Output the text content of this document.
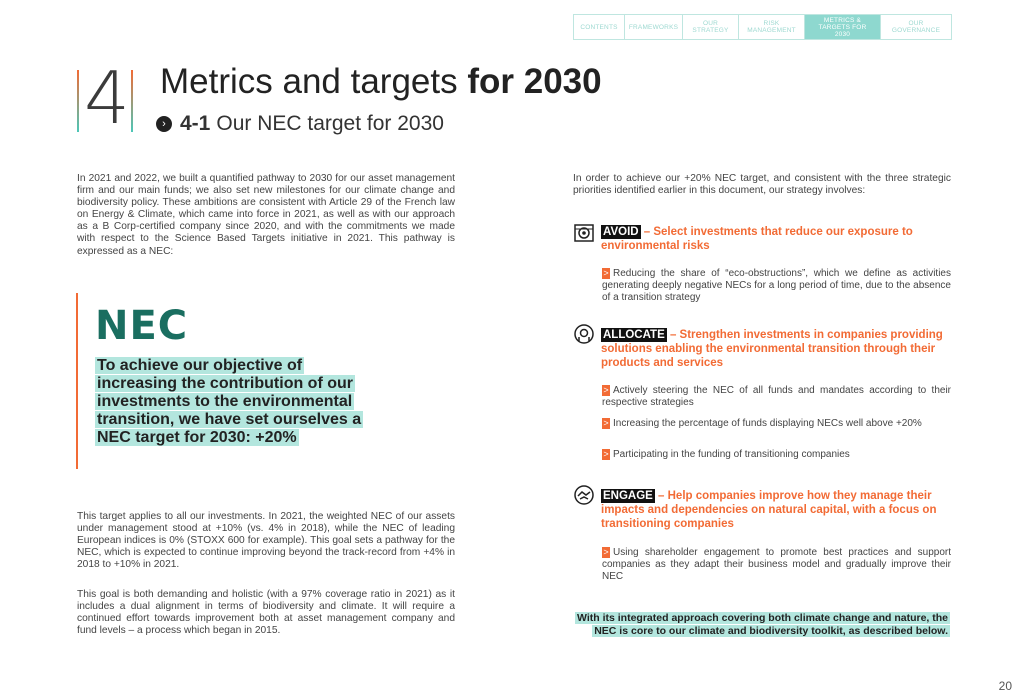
CONTENTS	FRAMEWORKS	OUR STRATEGY
RISK MANAGEMENT
METRICS & TARGETS FOR 2030
OUR GOVERNANCE
4 Metrics and targets for 2030
› 4-1 Our NEC target for 2030
In 2021 and 2022, we built a quantified pathway to 2030 for our asset management firm and our main funds; we also set new milestones for our climate change and biodiversity policy. These ambitions are consistent with Article 29 of the French law on Energy & Climate, which came into force in 2021, as well as with our approach as a B Corp-certified company since 2020, and with the commitments we made with respect to the Science Based Targets initiative in 2021. This pathway is expressed as a NEC:
NEC
To achieve our objective of increasing the contribution of our investments to the environmental transition, we have set ourselves a NEC target for 2030: +20%
This target applies to all our investments. In 2021, the weighted NEC of our assets under management stood at +10% (vs. 4% in 2018), while the NEC of leading European indices is 0% (STOXX 600 for example). This goal sets a pathway for the NEC, which is expected to continue improving beyond the track-record from +4% in 2018 to +10% in 2021.
This goal is both demanding and holistic (with a 97% coverage ratio in 2021) as it includes a dual alignment in terms of biodiversity and climate. It will require a continued effort towards improvement both at asset management company and fund levels – a process which began in 2015.
In order to achieve our +20% NEC target, and consistent with the three strategic priorities identified earlier in this document, our strategy involves:
AVOID – Select investments that reduce our exposure to environmental risks
> Reducing the share of “eco-obstructions”, which we define as activities generating deeply negative NECs for a long period of time, due to the absence of a transition strategy
ALLOCATE – Strengthen investments in companies providing solutions enabling the environmental transition through their products and services
> Actively steering the NEC of all funds and mandates according to their respective strategies
> Increasing the percentage of funds displaying NECs well above +20%
> Participating in the funding of transitioning companies
ENGAGE – Help companies improve how they manage their impacts and dependencies on natural capital, with a focus on transitioning companies
> Using shareholder engagement to promote best practices and support companies as they adapt their business model and gradually improve their NEC
With its integrated approach covering both climate change and nature, the NEC is core to our climate and biodiversity toolkit, as described below.
20
